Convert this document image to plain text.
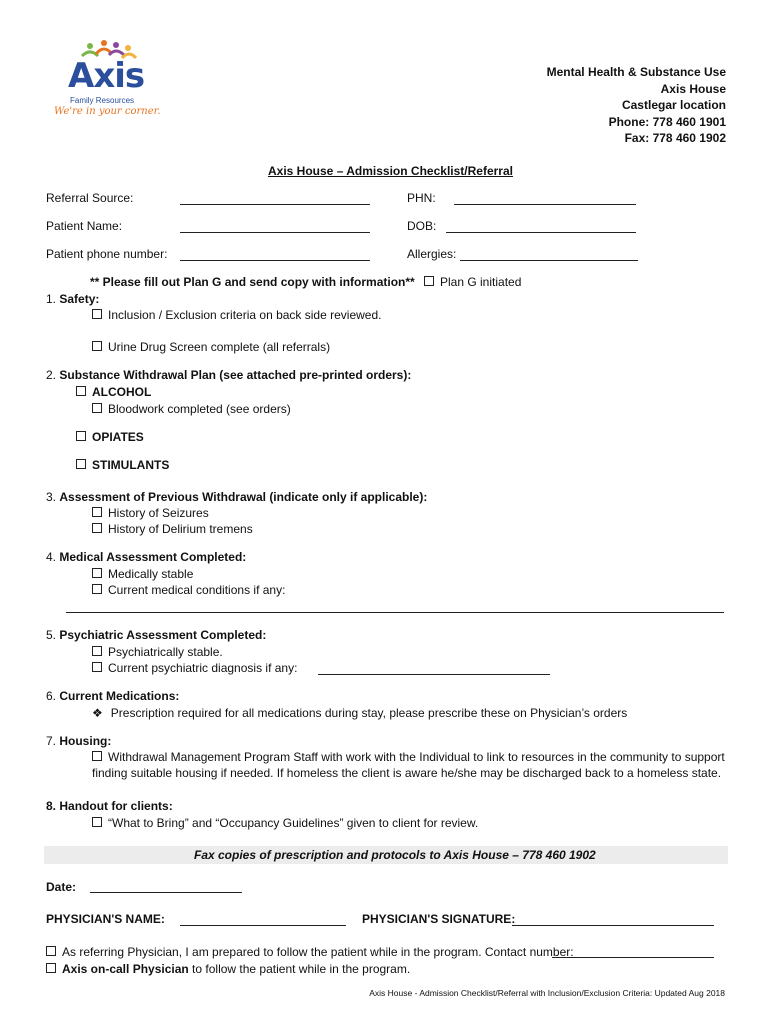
Axis
Family Resources
We're in your corner.
Mental Health & Substance Use
Axis House
Castlegar location
Phone: 778 460 1901
Fax: 778 460 1902
Axis House – Admission Checklist/Referral
Referral Source:	PHN:
Patient Name:	DOB:
Patient phone number:	Allergies:
** Please fill out Plan G and send copy with information**	Plan G initiated
1. Safety:
Inclusion / Exclusion criteria on back side reviewed.
Urine Drug Screen complete (all referrals)
2. Substance Withdrawal Plan (see attached pre-printed orders):
ALCOHOL
Bloodwork completed (see orders)
OPIATES
STIMULANTS
3. Assessment of Previous Withdrawal (indicate only if applicable):
History of Seizures
History of Delirium tremens
4. Medical Assessment Completed:
Medically stable
Current medical conditions if any:
5. Psychiatric Assessment Completed:
Psychiatrically stable.
Current psychiatric diagnosis if any:
6. Current Medications:
❖ Prescription required for all medications during stay, please prescribe these on Physician’s orders
7. Housing:
Withdrawal Management Program Staff with work with the Individual to link to resources in the community to support
finding suitable housing if needed. If homeless the client is aware he/she may be discharged back to a homeless state.
8. Handout for clients:
“What to Bring” and “Occupancy Guidelines” given to client for review.
Fax copies of prescription and protocols to Axis House – 778 460 1902
Date:
PHYSICIAN'S NAME:	PHYSICIAN'S SIGNATURE:
As referring Physician, I am prepared to follow the patient while in the program. Contact number:
Axis on-call Physician to follow the patient while in the program.
Axis House - Admission Checklist/Referral with Inclusion/Exclusion Criteria: Updated Aug 2018
